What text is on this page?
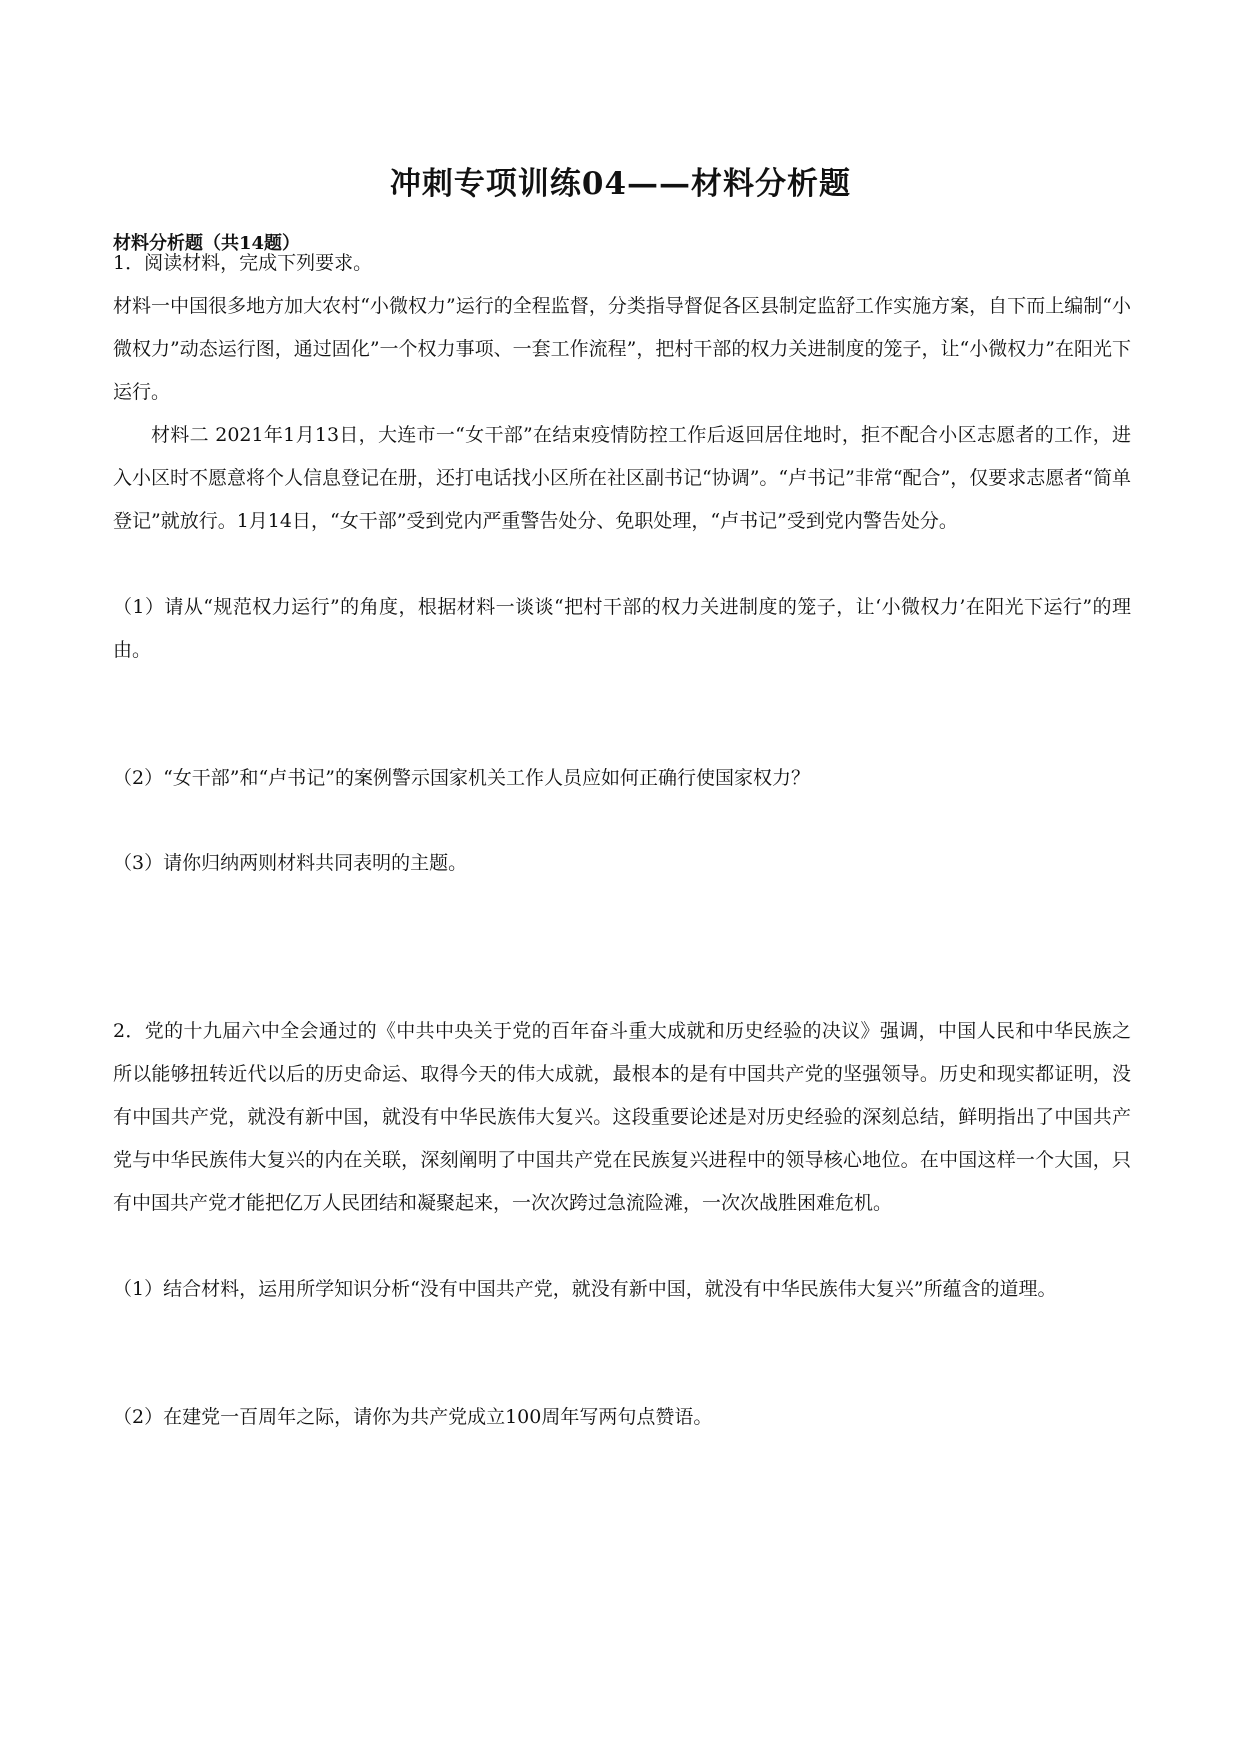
冲刺专项训练04——材料分析题
材料分析题（共14题）

1．阅读材料，完成下列要求。

材料一中国很多地方加大农村“小微权力”运行的全程监督，分类指导督促各区县制定监舒工作实施方案，自下而上编制“小微权力”动态运行图，通过固化”一个权力事项、一套工作流程”，把村干部的权力关进制度的笼子，让“小微权力”在阳光下运行。

材料二 2021年1月13日，大连市一“女干部”在结束疫情防控工作后返回居住地时，拒不配合小区志愿者的工作，进入小区时不愿意将个人信息登记在册，还打电话找小区所在社区副书记“协调”。“卢书记”非常“配合”，仅要求志愿者“简单登记”就放行。1月14日，“女干部”受到党内严重警告处分、免职处理，“卢书记”受到党内警告处分。

（1）请从“规范权力运行”的角度，根据材料一谈谈“把村干部的权力关进制度的笼子，让‘小微权力’在阳光下运行”的理由。

（2）“女干部”和“卢书记”的案例警示国家机关工作人员应如何正确行使国家权力？

（3）请你归纳两则材料共同表明的主题。

2．党的十九届六中全会通过的《中共中央关于党的百年奋斗重大成就和历史经验的决议》强调，中国人民和中华民族之所以能够扭转近代以后的历史命运、取得今天的伟大成就，最根本的是有中国共产党的坚强领导。历史和现实都证明，没有中国共产党，就没有新中国，就没有中华民族伟大复兴。这段重要论述是对历史经验的深刻总结，鲜明指出了中国共产党与中华民族伟大复兴的内在关联，深刻阐明了中国共产党在民族复兴进程中的领导核心地位。在中国这样一个大国，只有中国共产党才能把亿万人民团结和凝聚起来，一次次跨过急流险滩，一次次战胜困难危机。

（1）结合材料，运用所学知识分析“没有中国共产党，就没有新中国，就没有中华民族伟大复兴”所蕴含的道理。

（2）在建党一百周年之际，请你为共产党成立100周年写两句点赞语。
